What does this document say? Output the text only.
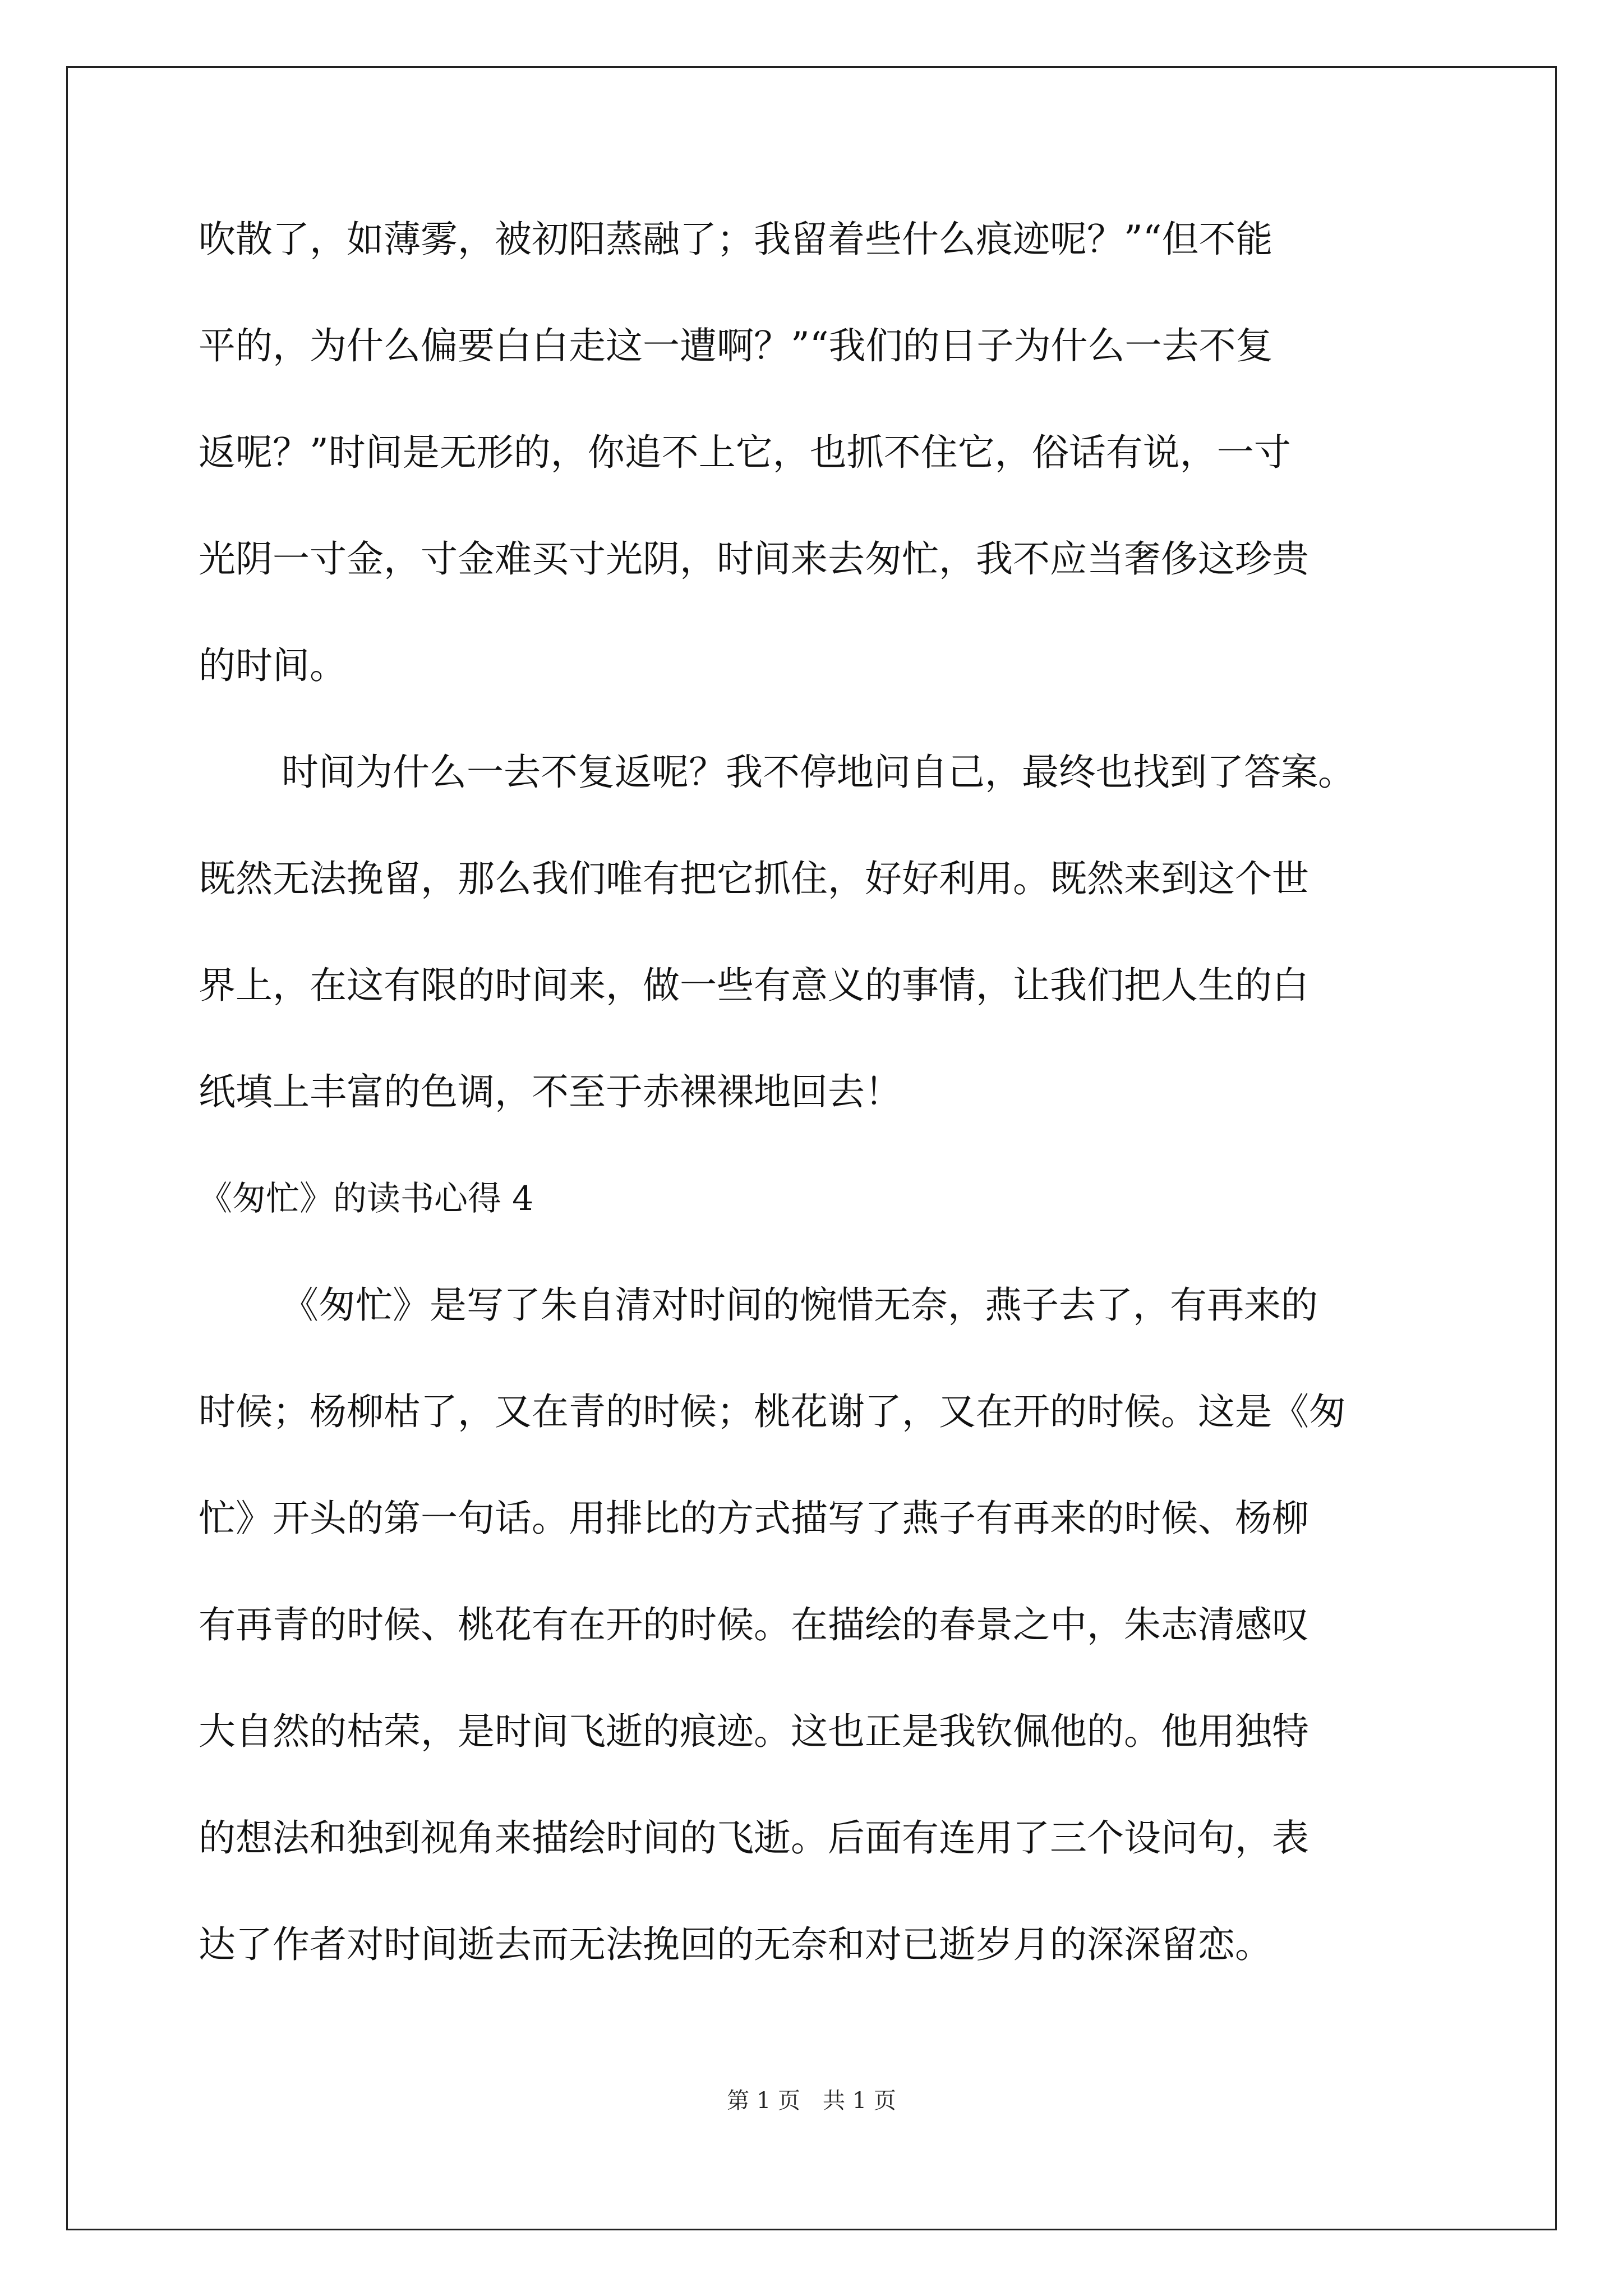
吹散了，如薄雾，被初阳蒸融了；我留着些什么痕迹呢？”“但不能
平的，为什么偏要白白走这一遭啊？”“我们的日子为什么一去不复
返呢？”时间是无形的，你追不上它，也抓不住它，俗话有说，一寸
光阴一寸金，寸金难买寸光阴，时间来去匆忙，我不应当奢侈这珍贵
的时间。
时间为什么一去不复返呢？我不停地问自己，最终也找到了答案。
既然无法挽留，那么我们唯有把它抓住，好好利用。既然来到这个世
界上，在这有限的时间来，做一些有意义的事情，让我们把人生的白
纸填上丰富的色调，不至于赤裸裸地回去！
《匆忙》的读书心得 4
《匆忙》是写了朱自清对时间的惋惜无奈，燕子去了，有再来的
时候；杨柳枯了，又在青的时候；桃花谢了，又在开的时候。这是《匆
忙》开头的第一句话。用排比的方式描写了燕子有再来的时候、杨柳
有再青的时候、桃花有在开的时候。在描绘的春景之中，朱志清感叹
大自然的枯荣，是时间飞逝的痕迹。这也正是我钦佩他的。他用独特
的想法和独到视角来描绘时间的飞逝。后面有连用了三个设问句，表
达了作者对时间逝去而无法挽回的无奈和对已逝岁月的深深留恋。
第 1 页 共 1 页
